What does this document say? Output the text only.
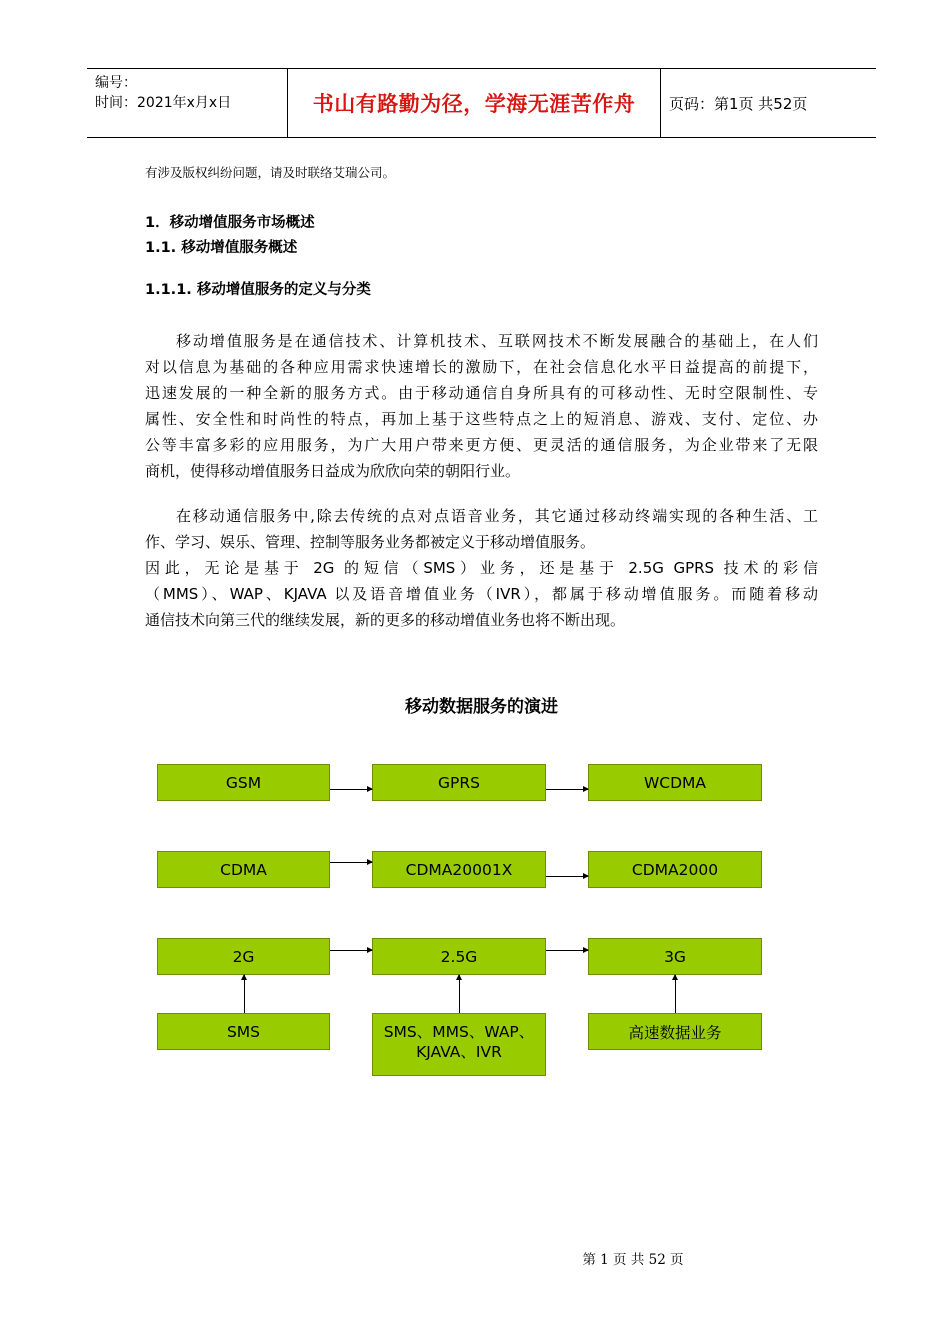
编号：
时间：2021年x月x日	书山有路勤为径，学海无涯苦作舟	页码：第1页 共52页
有涉及版权纠纷问题，请及时联络艾瑞公司。
1．移动增值服务市场概述
1.1. 移动增值服务概述
1.1.1. 移动增值服务的定义与分类
移动增值服务是在通信技术、计算机技术、互联网技术不断发展融合的基础上，在人们
对以信息为基础的各种应用需求快速增长的激励下，在社会信息化水平日益提高的前提下，
迅速发展的一种全新的服务方式。由于移动通信自身所具有的可移动性、无时空限制性、专
属性、安全性和时尚性的特点，再加上基于这些特点之上的短消息、游戏、支付、定位、办
公等丰富多彩的应用服务，为广大用户带来更方便、更灵活的通信服务，为企业带来了无限
商机，使得移动增值服务日益成为欣欣向荣的朝阳行业。
在移动通信服务中,除去传统的点对点语音业务，其它通过移动终端实现的各种生活、工
作、学习、娱乐、管理、控制等服务业务都被定义于移动增值服务。
因此，无论是基于 2G 的短信（SMS）业务，还是基于 2.5G GPRS 技术的彩信
（MMS）、WAP、KJAVA 以及语音增值业务（IVR），都属于移动增值服务。而随着移动
通信技术向第三代的继续发展，新的更多的移动增值业务也将不断出现。
移动数据服务的演进
GSM	GPRS	WCDMA
CDMA	CDMA20001X	CDMA2000
2G	2.5G	3G
SMS	SMS、MMS、WAP、KJAVA、IVR
高速数据业务
第 1 页 共 52 页
